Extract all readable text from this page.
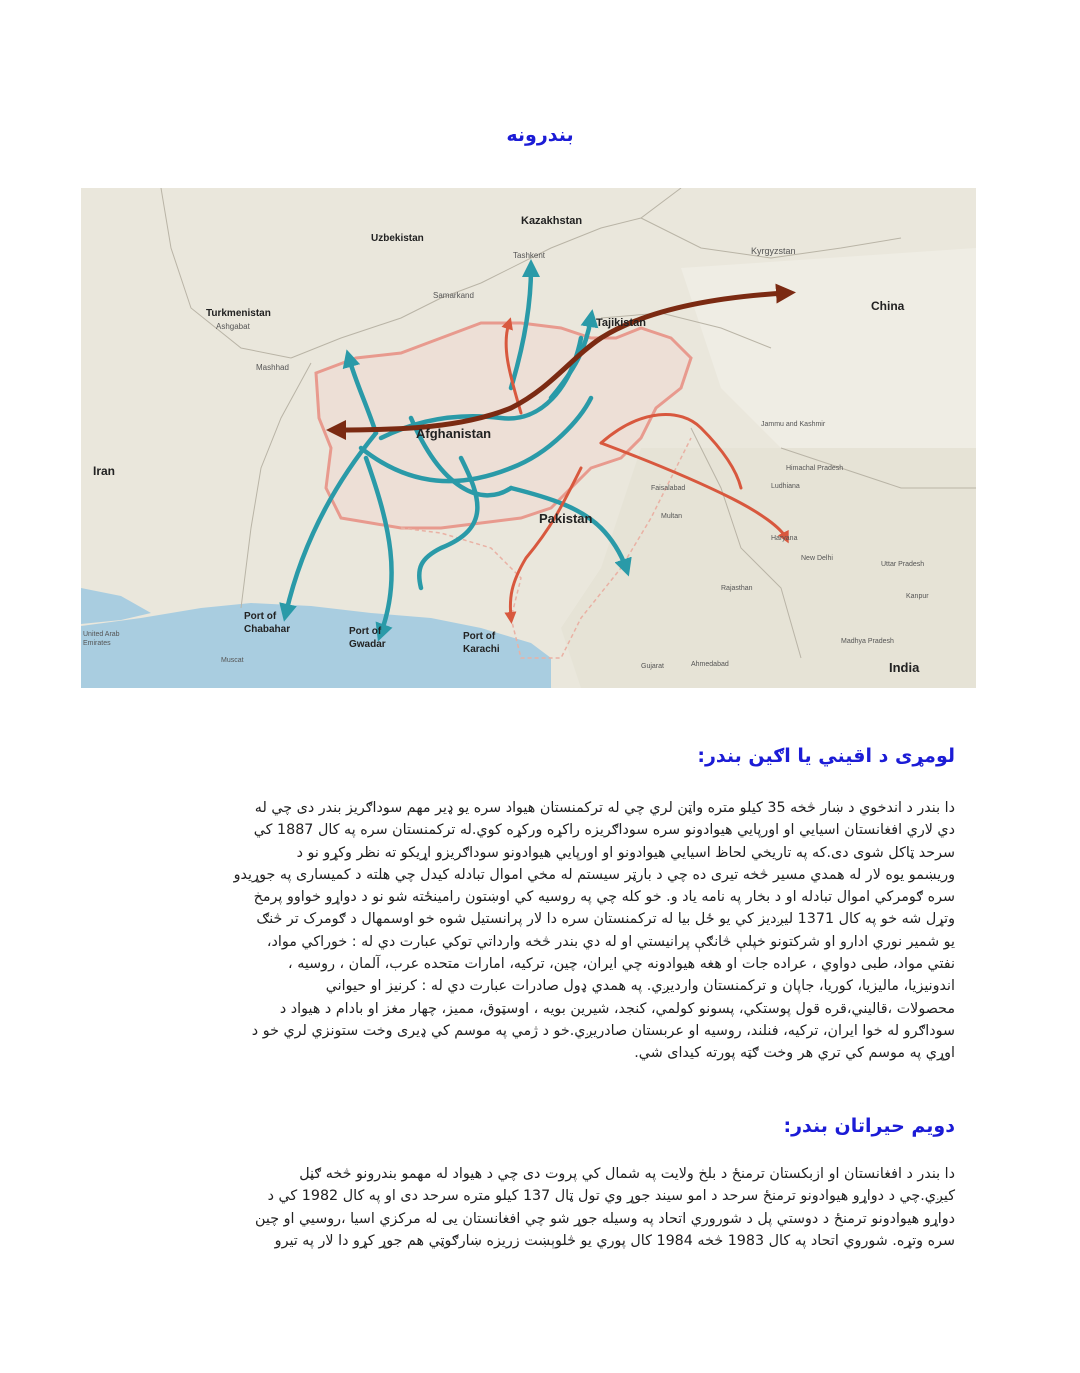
بندرونه
Kazakhstan
Uzbekistan
Kyrgyzstan
Tashkent
Samarkand
Turkmenistan
Ashgabat	Tajikistan
China
Mashhad
Afghanistan
Iran
Pakistan
Jammu and Kashmir
Himachal Pradesh
Ludhiana
Faisalabad
Multan
Haryana
New Delhi
Uttar Pradesh
Rajasthan
Kanpur
Gujarat	Ahmedabad
Madhya Pradesh
India
Port of
Chabahar	Port of
Gwadar
Port of
Karachi
United Arab
Emirates
Muscat
لومړی د اقیني یا اګین بندر:
دا بندر د اندخوي د ښار څخه 35 کیلو متره واټن لري چي له ترکمنستان هیواد سره یو ډیر مهم سوداګریز بندر دی چي له
دي لاري افغانستان اسیایي او اورپایي هیوادونو سره سوداګریزه راکړه ورکړه کوي.له ترکمنستان سره په کال 1887 کي
سرحد ټاکل شوی دی.که په تاریخي لحاظ اسیایي هیوادونو او اورپایي هیوادونو سوداګریزو اړیکو ته نظر وکړو نو د
وریښمو یوه لار له همدي مسیر څخه تیری ده چي د بارټر سیستم له مخي اموال تبادله کیدل چي هلته د کمیساری په جوړیدو
سره ګومرکي اموال تبادله او د بخار په نامه یاد و. خو کله چي په روسیه کي اوښتون رامینځته شو نو د دواړو خواوو پرمخ
وتړل شه خو په کال 1371 لیږدیز کي یو ځل بیا له ترکمنستان سره دا لار پرانستیل شوه خو اوسمهال د ګومرک تر څنګ
یو شمیر نوري ادارو او شرکتونو خپلې څانګې پرانیستي او له دي بندر څخه وارداتي توکي عبارت دي له : خوراکي مواد،
نفتي مواد، طبی دواوي ، عراده جات او هغه هیوادونه چي ایران، چین، ترکیه، امارات متحده عرب، آلمان ، روسیه ،
اندونیزیا، مالیزیا، کوریا، جاپان و ترکمنستان واردیږي. په همدي ډول صادرات عبارت دي له : کرنیز او حیواني
محصولات ،قالیني،قره قول پوستکي، پسونو کولمي، کنجد، شیرین بویه ، اوسټوق، ممیز، چهار مغز او بادام د هیواد د
سوداګرو له خوا ایران، ترکیه، فنلند، روسیه او عربستان صادریږي.خو د ژمي په موسم کي ډیری وخت ستونزي لري خو د
اوړي په موسم کي تري هر وخت ګټه پورته کیدای شي.
دویم حیراتان بندر:
دا بندر د افغانستان او ازبکستان ترمنځ د بلخ ولایت په شمال کي پروت دی چي د هیواد له مهمو بندرونو څخه ګڼل
کیږي.چي د دواړو هیوادونو ترمنځ سرحد د امو سیند جوړ وي تول ټال 137 کیلو متره سرحد دی او په کال 1982 کي د
دواړو هیوادونو ترمنځ د دوستي پل د شوروري اتحاد په وسیله جوړ شو چي افغانستان یی له مرکزي اسیا ،روسیي او چین
سره وتړه. شوروي اتحاد په کال 1983 څخه 1984 کال پوري یو څلوېښت زریزه ښارګوټي هم جوړ کړو دا لار په تیرو
